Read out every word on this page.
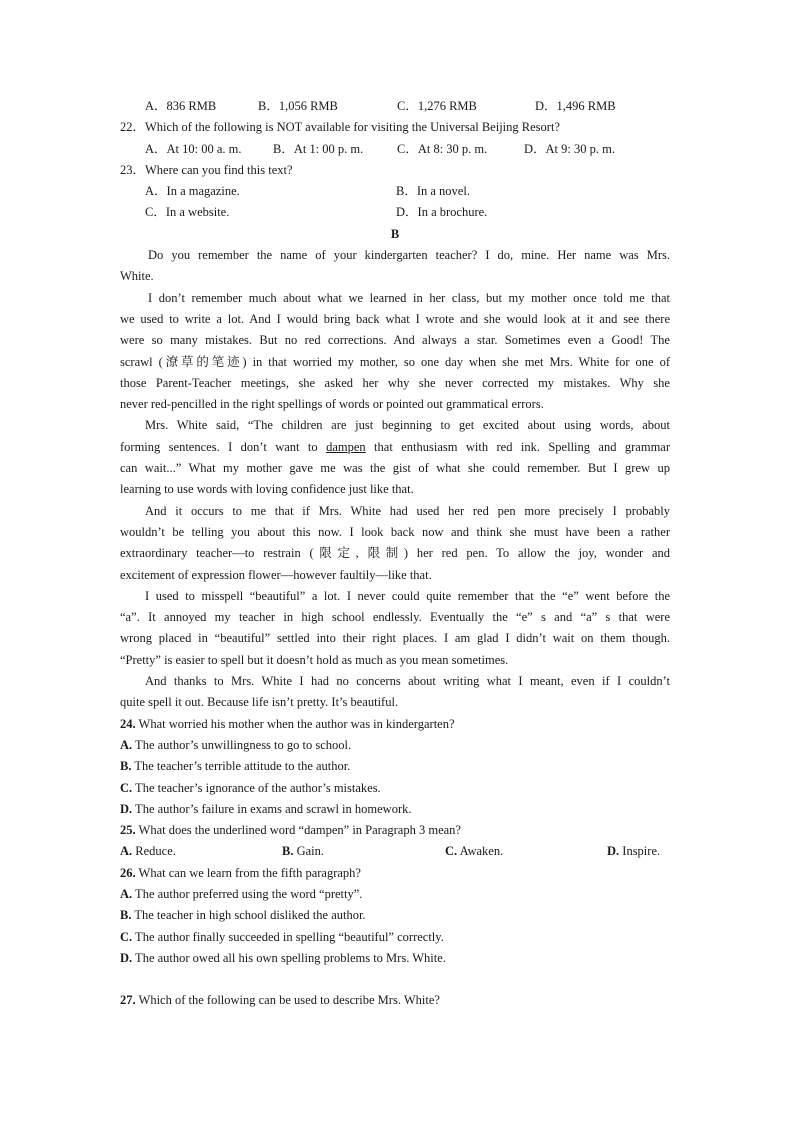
A．836 RMB	B．1,056 RMB	C．1,276 RMB	D．1,496 RMB
22．Which of the following is NOT available for visiting the Universal Beijing Resort?
A．At 10: 00 a. m.	B．At 1: 00 p. m.	C．At 8: 30 p. m.	D．At 9: 30 p. m.
23．Where can you find this text?
A．In a magazine.	B．In a novel.
C．In a website.	D．In a brochure.
B
Do you remember the name of your kindergarten teacher? I do, mine. Her name was Mrs.
White.
I don’t remember much about what we learned in her class, but my mother once told me that
we used to write a lot. And I would bring back what I wrote and she would look at it and see there
were so many mistakes. But no red corrections. And always a star. Sometimes even a Good! The
scrawl (潦草的笔迹) in that worried my mother, so one day when she met Mrs. White for one of
those Parent-Teacher meetings, she asked her why she never corrected my mistakes. Why she
never red-pencilled in the right spellings of words or pointed out grammatical errors.
Mrs. White said, “The children are just beginning to get excited about using words, about
forming sentences. I don’t want to dampen that enthusiasm with red ink. Spelling and grammar
can wait...” What my mother gave me was the gist of what she could remember. But I grew up
learning to use words with loving confidence just like that.
And it occurs to me that if Mrs. White had used her red pen more precisely I probably
wouldn’t be telling you about this now. I look back now and think she must have been a rather
extraordinary teacher—to restrain (限定, 限制) her red pen. To allow the joy, wonder and
excitement of expression flower—however faultily—like that.
I used to misspell “beautiful” a lot. I never could quite remember that the “e” went before the
“a”. It annoyed my teacher in high school endlessly. Eventually the “e” s and “a” s that were
wrong placed in “beautiful” settled into their right places. I am glad I didn’t wait on them though.
“Pretty” is easier to spell but it doesn’t hold as much as you mean sometimes.
And thanks to Mrs. White I had no concerns about writing what I meant, even if I couldn’t
quite spell it out. Because life isn’t pretty. It’s beautiful.
24. What worried his mother when the author was in kindergarten?
A. The author’s unwillingness to go to school.
B. The teacher’s terrible attitude to the author.
C. The teacher’s ignorance of the author’s mistakes.
D. The author’s failure in exams and scrawl in homework.
25. What does the underlined word “dampen” in Paragraph 3 mean?
A. Reduce.	B. Gain.	C. Awaken.	D. Inspire.
26. What can we learn from the fifth paragraph?
A. The author preferred using the word “pretty”.
B. The teacher in high school disliked the author.
C. The author finally succeeded in spelling “beautiful” correctly.
D. The author owed all his own spelling problems to Mrs. White.
27. Which of the following can be used to describe Mrs. White?
